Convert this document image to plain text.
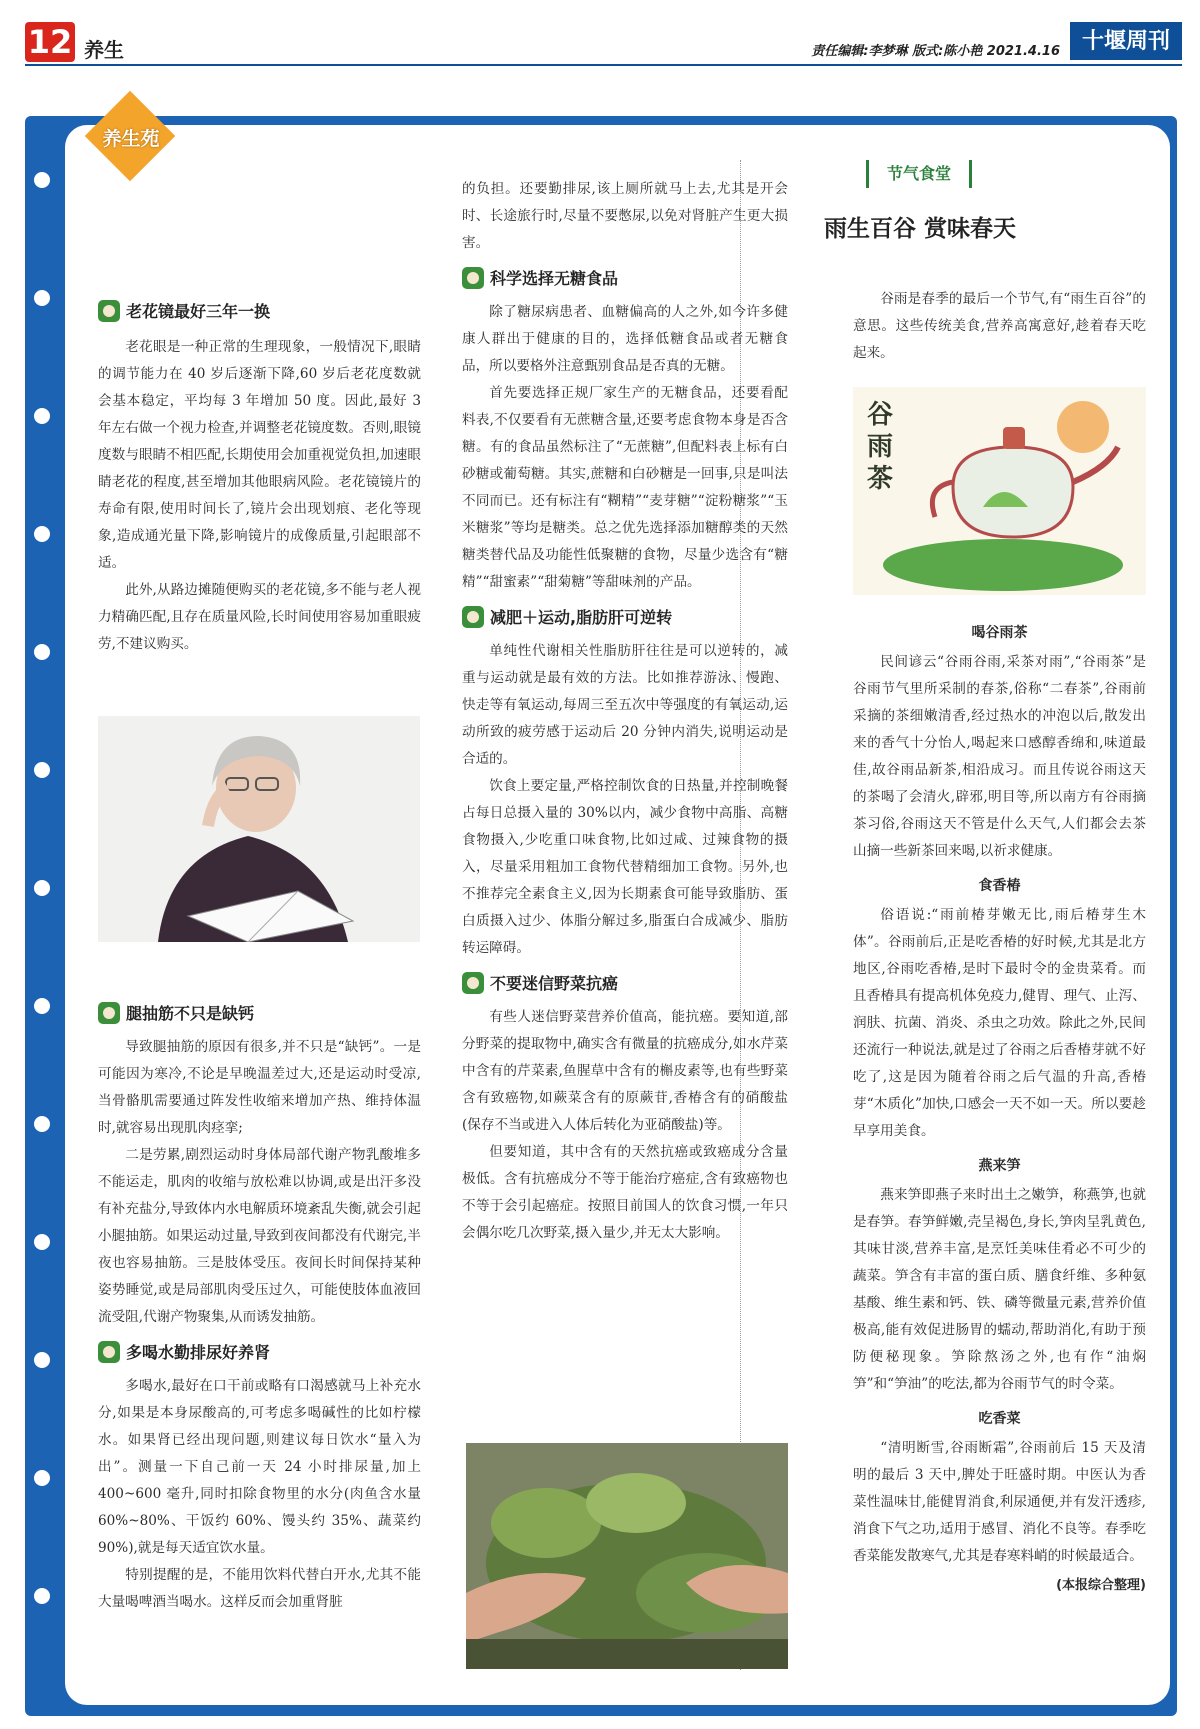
12 养生	责任编辑:李梦琳 版式:陈小艳 2021.4.16 十堰周刊
养生苑
老花镜最好三年一换

老花眼是一种正常的生理现象，一般情况下,眼睛的调节能力在 40 岁后逐渐下降,60 岁后老花度数就会基本稳定，平均每 3 年增加 50 度。因此,最好 3 年左右做一个视力检查,并调整老花镜度数。否则,眼镜度数与眼睛不相匹配,长期使用会加重视觉负担,加速眼睛老花的程度,甚至增加其他眼病风险。老花镜镜片的寿命有限,使用时间长了,镜片会出现划痕、老化等现象,造成通光量下降,影响镜片的成像质量,引起眼部不适。

此外,从路边摊随便购买的老花镜,多不能与老人视力精确匹配,且存在质量风险,长时间使用容易加重眼疲劳,不建议购买。

腿抽筋不只是缺钙

导致腿抽筋的原因有很多,并不只是“缺钙”。一是可能因为寒冷,不论是早晚温差过大,还是运动时受凉,当骨骼肌需要通过阵发性收缩来增加产热、维持体温时,就容易出现肌肉痉挛;

二是劳累,剧烈运动时身体局部代谢产物乳酸堆多不能运走，肌肉的收缩与放松难以协调,或是出汗多没有补充盐分,导致体内水电解质环境紊乱失衡,就会引起小腿抽筋。如果运动过量,导致到夜间都没有代谢完,半夜也容易抽筋。三是肢体受压。夜间长时间保持某种姿势睡觉,或是局部肌肉受压过久，可能使肢体血液回流受阻,代谢产物聚集,从而诱发抽筋。

多喝水勤排尿好养肾

多喝水,最好在口干前或略有口渴感就马上补充水分,如果是本身尿酸高的,可考虑多喝碱性的比如柠檬水。如果肾已经出现问题,则建议每日饮水“量入为出”。测量一下自己前一天 24 小时排尿量,加上 400~600 毫升,同时扣除食物里的水分(肉鱼含水量 60%~80%、干饭约 60%、馒头约 35%、蔬菜约 90%),就是每天适宜饮水量。

特别提醒的是，不能用饮料代替白开水,尤其不能大量喝啤酒当喝水。这样反而会加重肾脏

的负担。还要勤排尿,该上厕所就马上去,尤其是开会时、长途旅行时,尽量不要憋尿,以免对肾脏产生更大损害。

科学选择无糖食品

除了糖尿病患者、血糖偏高的人之外,如今许多健康人群出于健康的目的，选择低糖食品或者无糖食品，所以要格外注意甄别食品是否真的无糖。

首先要选择正规厂家生产的无糖食品，还要看配料表,不仅要看有无蔗糖含量,还要考虑食物本身是否含糖。有的食品虽然标注了“无蔗糖”,但配料表上标有白砂糖或葡萄糖。其实,蔗糖和白砂糖是一回事,只是叫法不同而已。还有标注有“糊精”“麦芽糖”“淀粉糖浆”“玉米糖浆”等均是糖类。总之优先选择添加糖醇类的天然糖类替代品及功能性低聚糖的食物，尽量少选含有“糖精”“甜蜜素”“甜菊糖”等甜味剂的产品。

减肥＋运动,脂肪肝可逆转

单纯性代谢相关性脂肪肝往往是可以逆转的，减重与运动就是最有效的方法。比如推荐游泳、慢跑、快走等有氧运动,每周三至五次中等强度的有氧运动,运动所致的疲劳感于运动后 20 分钟内消失,说明运动是合适的。

饮食上要定量,严格控制饮食的日热量,并控制晚餐占每日总摄入量的 30%以内，减少食物中高脂、高糖食物摄入,少吃重口味食物,比如过咸、过辣食物的摄入，尽量采用粗加工食物代替精细加工食物。另外,也不推荐完全素食主义,因为长期素食可能导致脂肪、蛋白质摄入过少、体脂分解过多,脂蛋白合成减少、脂肪转运障碍。

不要迷信野菜抗癌

有些人迷信野菜营养价值高，能抗癌。要知道,部分野菜的提取物中,确实含有微量的抗癌成分,如水芹菜中含有的芹菜素,鱼腥草中含有的槲皮素等,也有些野菜含有致癌物,如蕨菜含有的原蕨苷,香椿含有的硝酸盐(保存不当或进入人体后转化为亚硝酸盐)等。

但要知道，其中含有的天然抗癌或致癌成分含量极低。含有抗癌成分不等于能治疗癌症,含有致癌物也不等于会引起癌症。按照目前国人的饮食习惯,一年只会偶尔吃几次野菜,摄入量少,并无太大影响。

节气食堂
雨生百谷 赏味春天

谷雨是春季的最后一个节气,有“雨生百谷”的意思。这些传统美食,营养高寓意好,趁着春天吃起来。

谷雨茶
喝谷雨茶

民间谚云“谷雨谷雨,采茶对雨”,“谷雨茶”是谷雨节气里所采制的春茶,俗称“二春茶”,谷雨前采摘的茶细嫩清香,经过热水的冲泡以后,散发出来的香气十分怡人,喝起来口感醇香绵和,味道最佳,故谷雨品新茶,相沿成习。而且传说谷雨这天的茶喝了会清火,辟邪,明目等,所以南方有谷雨摘茶习俗,谷雨这天不管是什么天气,人们都会去茶山摘一些新茶回来喝,以祈求健康。

食香椿

俗语说:“雨前椿芽嫩无比,雨后椿芽生木体”。谷雨前后,正是吃香椿的好时候,尤其是北方地区,谷雨吃香椿,是时下最时令的金贵菜肴。而且香椿具有提高机体免疫力,健胃、理气、止泻、润肤、抗菌、消炎、杀虫之功效。除此之外,民间还流行一种说法,就是过了谷雨之后香椿芽就不好吃了,这是因为随着谷雨之后气温的升高,香椿芽“木质化”加快,口感会一天不如一天。所以要趁早享用美食。

燕来笋

燕来笋即燕子来时出土之嫩笋，称燕笋,也就是春笋。春笋鲜嫩,壳呈褐色,身长,笋肉呈乳黄色,其味甘淡,营养丰富,是烹饪美味佳肴必不可少的蔬菜。笋含有丰富的蛋白质、膳食纤维、多种氨基酸、维生素和钙、铁、磷等微量元素,营养价值极高,能有效促进肠胃的蠕动,帮助消化,有助于预防便秘现象。笋除熬汤之外,也有作“油焖笋”和“笋油”的吃法,都为谷雨节气的时令菜。

吃香菜

“清明断雪,谷雨断霜”,谷雨前后 15 天及清明的最后 3 天中,脾处于旺盛时期。中医认为香菜性温味甘,能健胃消食,利尿通便,并有发汗透疹,消食下气之功,适用于感冒、消化不良等。春季吃香菜能发散寒气,尤其是春寒料峭的时候最适合。

(本报综合整理)
